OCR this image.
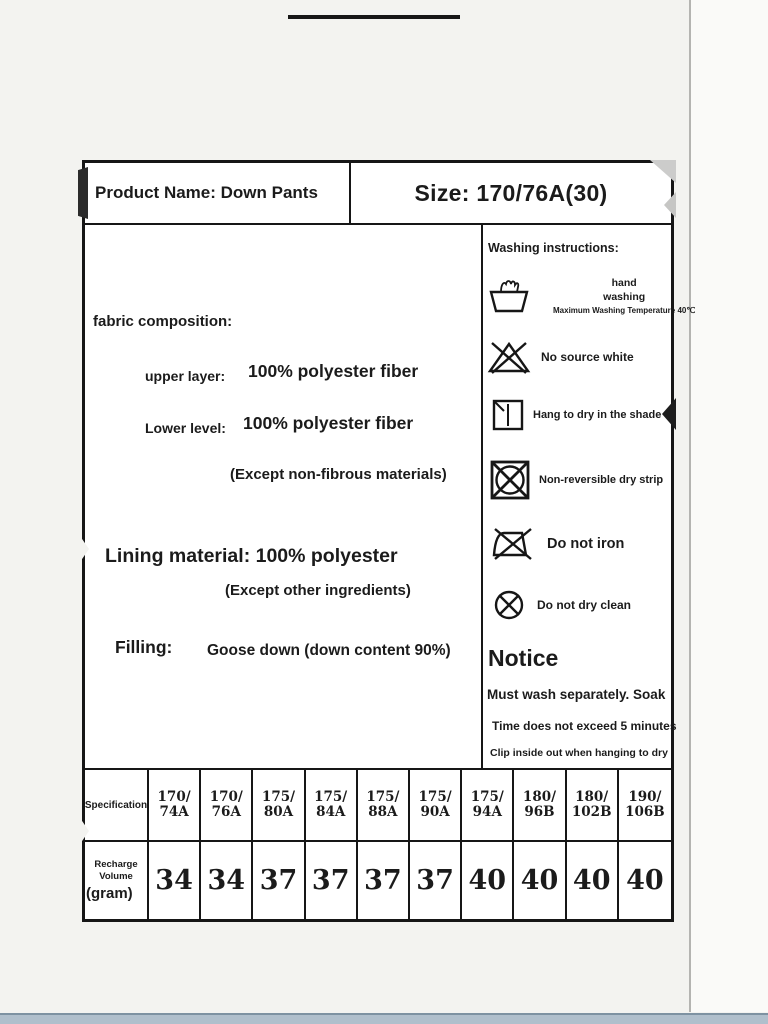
Product Name: Down Pants	Size: 170/76A(30)
fabric composition:
upper layer: 100% polyester fiber
Lower level: 100% polyester fiber
(Except non-fibrous materials)
Lining material: 100% polyester
(Except other ingredients)
Filling: Goose down (down content 90%)
Washing instructions:
hand
washing
Maximum Washing Temperature 40℃
No source white
Hang to dry in the shade
Non-reversible dry strip
Do not iron
Do not dry clean
Notice
Must wash separately. Soak
Time does not exceed 5 minutes
Clip inside out when hanging to dry
Specification
170/
74A
170/
76A
175/
80A
175/
84A
175/
88A
175/
90A
175/
94A
180/
96B
180/
102B
190/
106B
Recharge
Volume
(gram) 34 34 37 37 37 37 40 40 40 40
